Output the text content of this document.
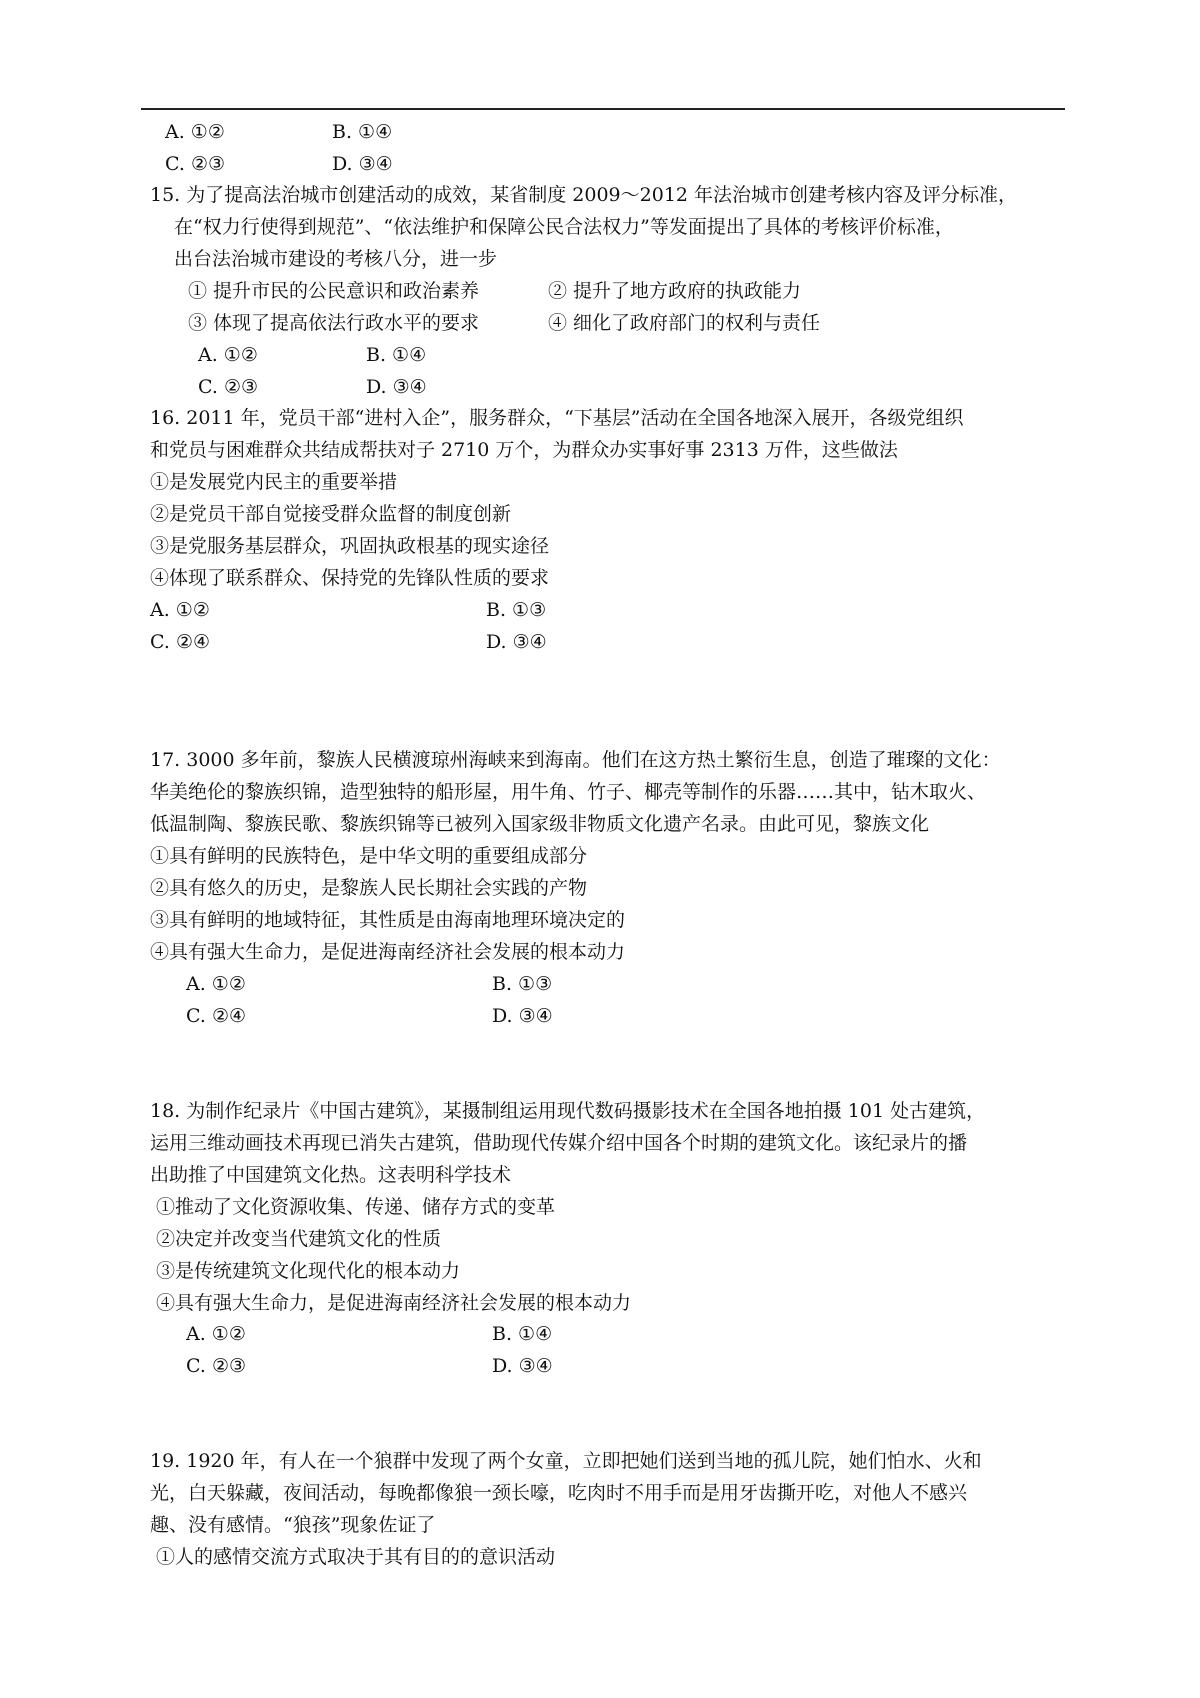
A. ①②	B. ①④
C. ②③	D. ③④
15. 为了提高法治城市创建活动的成效，某省制度 2009～2012 年法治城市创建考核内容及评分标准，
在“权力行使得到规范”、“依法维护和保障公民合法权力”等发面提出了具体的考核评价标准，
出台法治城市建设的考核八分，进一步
① 提升市民的公民意识和政治素养	② 提升了地方政府的执政能力
③ 体现了提高依法行政水平的要求	④ 细化了政府部门的权利与责任
A. ①②	B. ①④
C. ②③	D. ③④
16. 2011 年，党员干部“进村入企”，服务群众，“下基层”活动在全国各地深入展开，各级党组织
和党员与困难群众共结成帮扶对子 2710 万个，为群众办实事好事 2313 万件，这些做法
①是发展党内民主的重要举措
②是党员干部自觉接受群众监督的制度创新
③是党服务基层群众，巩固执政根基的现实途径
④体现了联系群众、保持党的先锋队性质的要求
A. ①②	B. ①③
C. ②④	D. ③④
17. 3000 多年前，黎族人民横渡琼州海峡来到海南。他们在这方热土繁衍生息，创造了璀璨的文化：
华美绝伦的黎族织锦，造型独特的船形屋，用牛角、竹子、椰壳等制作的乐器……其中，钻木取火、
低温制陶、黎族民歌、黎族织锦等已被列入国家级非物质文化遗产名录。由此可见，黎族文化
①具有鲜明的民族特色，是中华文明的重要组成部分
②具有悠久的历史，是黎族人民长期社会实践的产物
③具有鲜明的地域特征，其性质是由海南地理环境决定的
④具有强大生命力，是促进海南经济社会发展的根本动力
A. ①②	B. ①③
C. ②④	D. ③④
18. 为制作纪录片《中国古建筑》，某摄制组运用现代数码摄影技术在全国各地拍摄 101 处古建筑，
运用三维动画技术再现已消失古建筑，借助现代传媒介绍中国各个时期的建筑文化。该纪录片的播
出助推了中国建筑文化热。这表明科学技术
①推动了文化资源收集、传递、储存方式的变革
②决定并改变当代建筑文化的性质
③是传统建筑文化现代化的根本动力
④具有强大生命力，是促进海南经济社会发展的根本动力
A. ①②	B. ①④
C. ②③	D. ③④
19. 1920 年，有人在一个狼群中发现了两个女童，立即把她们送到当地的孤儿院，她们怕水、火和
光，白天躲藏，夜间活动，每晚都像狼一颈长嚎，吃肉时不用手而是用牙齿撕开吃，对他人不感兴
趣、没有感情。“狼孩”现象佐证了
①人的感情交流方式取决于其有目的的意识活动
